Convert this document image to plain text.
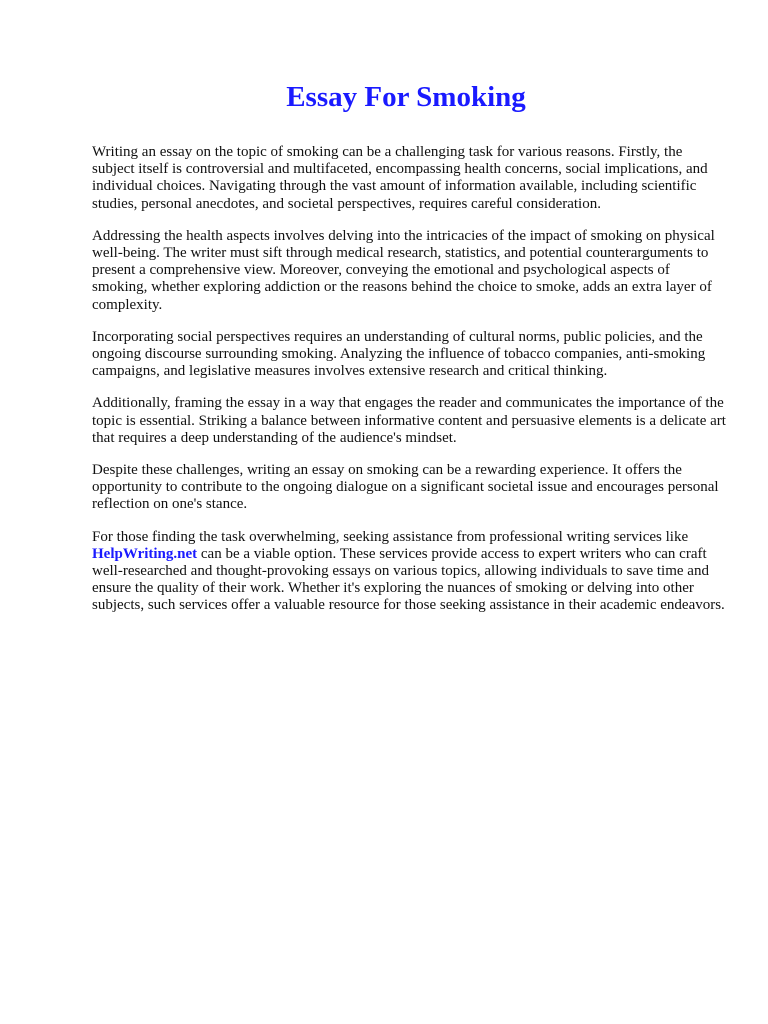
Essay For Smoking

Writing an essay on the topic of smoking can be a challenging task for various reasons. Firstly, the subject itself is controversial and multifaceted, encompassing health concerns, social implications, and individual choices. Navigating through the vast amount of information available, including scientific studies, personal anecdotes, and societal perspectives, requires careful consideration.

Addressing the health aspects involves delving into the intricacies of the impact of smoking on physical well-being. The writer must sift through medical research, statistics, and potential counterarguments to present a comprehensive view. Moreover, conveying the emotional and psychological aspects of smoking, whether exploring addiction or the reasons behind the choice to smoke, adds an extra layer of complexity.

Incorporating social perspectives requires an understanding of cultural norms, public policies, and the ongoing discourse surrounding smoking. Analyzing the influence of tobacco companies, anti-smoking campaigns, and legislative measures involves extensive research and critical thinking.

Additionally, framing the essay in a way that engages the reader and communicates the importance of the topic is essential. Striking a balance between informative content and persuasive elements is a delicate art that requires a deep understanding of the audience's mindset.

Despite these challenges, writing an essay on smoking can be a rewarding experience. It offers the opportunity to contribute to the ongoing dialogue on a significant societal issue and encourages personal reflection on one's stance.

For those finding the task overwhelming, seeking assistance from professional writing services like HelpWriting.net can be a viable option. These services provide access to expert writers who can craft well-researched and thought-provoking essays on various topics, allowing individuals to save time and ensure the quality of their work. Whether it's exploring the nuances of smoking or delving into other subjects, such services offer a valuable resource for those seeking assistance in their academic endeavors.
